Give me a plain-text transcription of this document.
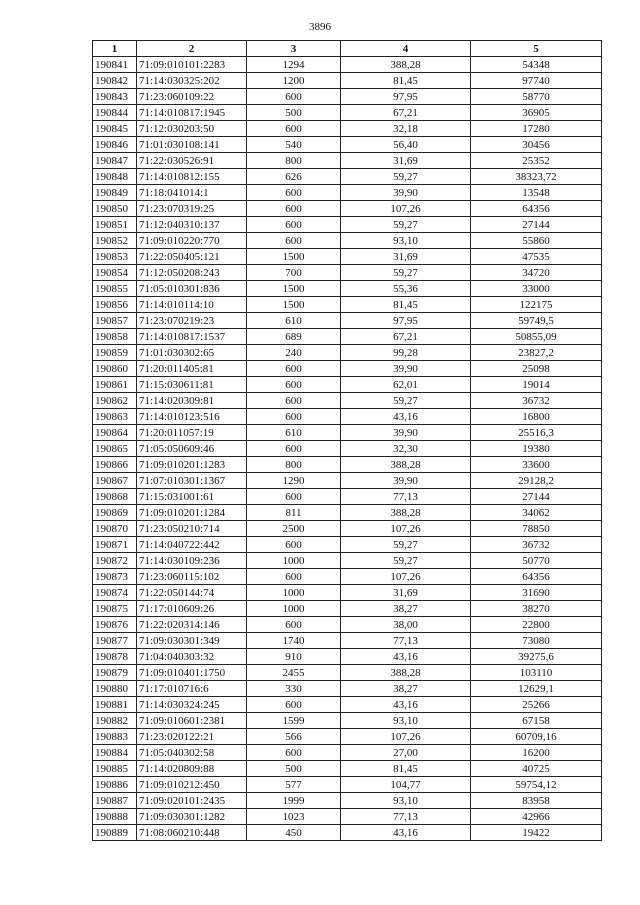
3896
1	2	3	4	5
190841	71:09:010101:2283	1294	388,28	54348
190842	71:14:030325:202	1200	81,45	97740
190843	71:23:060109:22	600	97,95	58770
190844	71:14:010817:1945	500	67,21	36905
190845	71:12:030203:50	600	32,18	17280
190846	71:01:030108:141	540	56,40	30456
190847	71:22:030526:91	800	31,69	25352
190848	71:14:010812:155	626	59,27	38323,72
190849	71:18:041014:1	600	39,90	13548
190850	71:23:070319:25	600	107,26	64356
190851	71:12:040310:137	600	59,27	27144
190852	71:09:010220:770	600	93,10	55860
190853	71:22:050405:121	1500	31,69	47535
190854	71:12:050208:243	700	59,27	34720
190855	71:05:010301:836	1500	55,36	33000
190856	71:14:010114:10	1500	81,45	122175
190857	71:23:070219:23	610	97,95	59749,5
190858	71:14:010817:1537	689	67,21	50855,09
190859	71:01:030302:65	240	99,28	23827,2
190860	71:20:011405:81	600	39,90	25098
190861	71:15:030611:81	600	62,01	19014
190862	71:14:020309:81	600	59,27	36732
190863	71:14:010123:516	600	43,16	16800
190864	71:20:011057:19	610	39,90	25516,3
190865	71:05:050609:46	600	32,30	19380
190866	71:09:010201:1283	800	388,28	33600
190867	71:07:010301:1367	1290	39,90	29128,2
190868	71:15:031001:61	600	77,13	27144
190869	71:09:010201:1284	811	388,28	34062
190870	71:23:050210:714	2500	107,26	78850
190871	71:14:040722:442	600	59,27	36732
190872	71:14:030109:236	1000	59,27	50770
190873	71:23:060115:102	600	107,26	64356
190874	71:22:050144:74	1000	31,69	31690
190875	71:17:010609:26	1000	38,27	38270
190876	71:22:020314:146	600	38,00	22800
190877	71:09:030301:349	1740	77,13	73080
190878	71:04:040303:32	910	43,16	39275,6
190879	71:09:010401:1750	2455	388,28	103110
190880	71:17:010716:6	330	38,27	12629,1
190881	71:14:030324:245	600	43,16	25266
190882	71:09:010601:2381	1599	93,10	67158
190883	71:23:020122:21	566	107,26	60709,16
190884	71:05:040302:58	600	27,00	16200
190885	71:14:020809:88	500	81,45	40725
190886	71:09:010212:450	577	104,77	59754,12
190887	71:09:020101:2435	1999	93,10	83958
190888	71:09:030301:1282	1023	77,13	42966
190889	71:08:060210:448	450	43,16	19422
